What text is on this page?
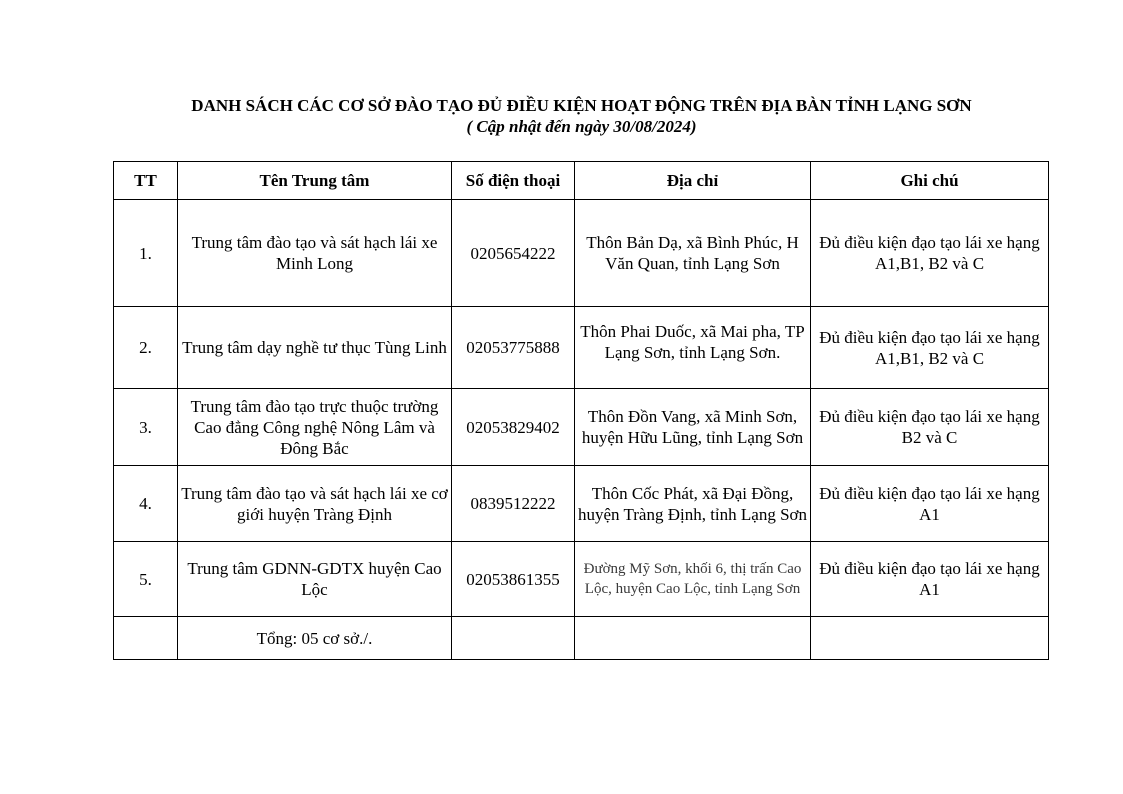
DANH SÁCH CÁC CƠ SỞ ĐÀO TẠO ĐỦ ĐIỀU KIỆN HOẠT ĐỘNG TRÊN ĐỊA BÀN TỈNH LẠNG SƠN
( Cập nhật đến ngày 30/08/2024)
TT	Tên Trung tâm	Số điện thoại	Địa chỉ	Ghi chú
1.	Trung tâm đào tạo và sát hạch lái xe Minh Long	0205654222	Thôn Bản Dạ, xã Bình Phúc, H Văn Quan, tỉnh Lạng Sơn	Đủ điều kiện đạo tạo lái xe hạng A1,B1, B2 và C
2.	Trung tâm dạy nghề tư thục Tùng Linh	02053775888	Thôn Phai Duốc, xã Mai pha, TP Lạng Sơn, tỉnh Lạng Sơn.	Đủ điều kiện đạo tạo lái xe hạng A1,B1, B2 và C
3.	Trung tâm đào tạo trực thuộc trường Cao đẳng Công nghệ Nông Lâm và Đông Bắc	02053829402	Thôn Đồn Vang, xã Minh Sơn, huyện Hữu Lũng, tỉnh Lạng Sơn	Đủ điều kiện đạo tạo lái xe hạng B2 và C
4.	Trung tâm đào tạo và sát hạch lái xe cơ giới huyện Tràng Định	0839512222	Thôn Cốc Phát, xã Đại Đồng, huyện Tràng Định, tỉnh Lạng Sơn	Đủ điều kiện đạo tạo lái xe hạng A1
5.	Trung tâm GDNN-GDTX huyện Cao Lộc	02053861355	Đường Mỹ Sơn, khối 6, thị trấn Cao Lộc, huyện Cao Lộc, tỉnh Lạng Sơn	Đủ điều kiện đạo tạo lái xe hạng A1
	Tổng: 05 cơ sở./.			
